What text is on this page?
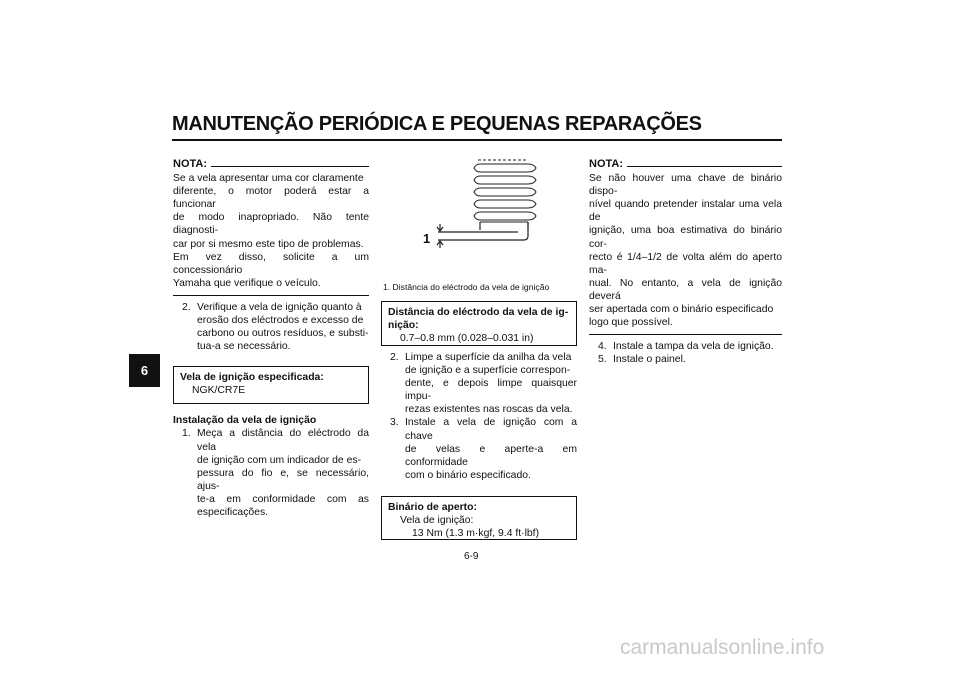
MANUTENÇÃO PERIÓDICA E PEQUENAS REPARAÇÕES
6
NOTA:
Se a vela apresentar uma cor claramente
diferente, o motor poderá estar a funcionar
de modo inapropriado. Não tente diagnosti-
car por si mesmo este tipo de problemas.
Em vez disso, solicite a um concessionário
Yamaha que verifique o veículo.
2. Verifique a vela de ignição quanto à
erosão dos eléctrodos e excesso de
carbono ou outros resíduos, e substi-
tua-a se necessário.
Vela de ignição especificada:
NGK/CR7E
Instalação da vela de ignição
1. Meça a distância do eléctrodo da vela
de ignição com um indicador de es-
pessura do fio e, se necessário, ajus-
te-a em conformidade com as
especificações.
1
1. Distância do eléctrodo da vela de ignição
Distância do eléctrodo da vela de ig-
nição:
0.7–0.8 mm (0.028–0.031 in)
2. Limpe a superfície da anilha da vela
de ignição e a superfície correspon-
dente, e depois limpe quaisquer impu-
rezas existentes nas roscas da vela.
3. Instale a vela de ignição com a chave
de velas e aperte-a em conformidade
com o binário especificado.
Binário de aperto:
Vela de ignição:
13 Nm (1.3 m·kgf, 9.4 ft·lbf)
NOTA:
Se não houver uma chave de binário dispo-
nível quando pretender instalar uma vela de
ignição, uma boa estimativa do binário cor-
recto é 1/4–1/2 de volta além do aperto ma-
nual. No entanto, a vela de ignição deverá
ser apertada com o binário especificado
logo que possível.
4. Instale a tampa da vela de ignição.
5. Instale o painel.
6-9
carmanualsonline.info
